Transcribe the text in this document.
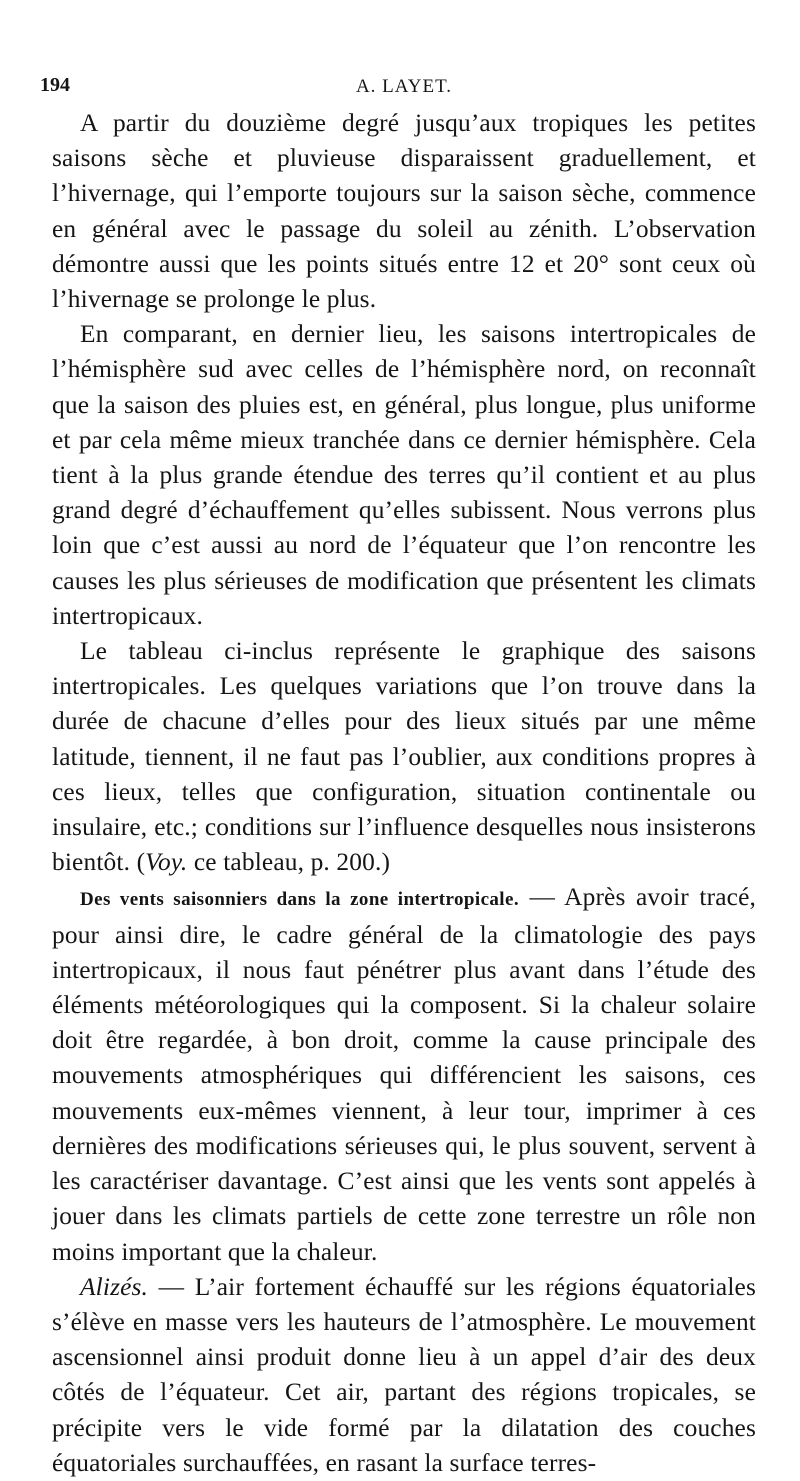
194	A. LAYET.

A partir du douzième degré jusqu’aux tropiques les petites saisons sèche et pluvieuse disparaissent graduellement, et l’hivernage, qui l’emporte toujours sur la saison sèche, commence en général avec le passage du soleil au zénith. L’observation démontre aussi que les points situés entre 12 et 20° sont ceux où l’hivernage se prolonge le plus.

En comparant, en dernier lieu, les saisons intertropicales de l’hémisphère sud avec celles de l’hémisphère nord, on reconnaît que la saison des pluies est, en général, plus longue, plus uniforme et par cela même mieux tranchée dans ce dernier hémisphère. Cela tient à la plus grande étendue des terres qu’il contient et au plus grand degré d’échauffement qu’elles subissent. Nous verrons plus loin que c’est aussi au nord de l’équateur que l’on rencontre les causes les plus sérieuses de modification que présentent les climats intertropicaux.

Le tableau ci-inclus représente le graphique des saisons intertropicales. Les quelques variations que l’on trouve dans la durée de chacune d’elles pour des lieux situés par une même latitude, tiennent, il ne faut pas l’oublier, aux conditions propres à ces lieux, telles que configuration, situation continentale ou insulaire, etc.; conditions sur l’influence desquelles nous insisterons bientôt. (Voy. ce tableau, p. 200.)

Des vents saisonniers dans la zone intertropicale. — Après avoir tracé, pour ainsi dire, le cadre général de la climatologie des pays intertropicaux, il nous faut pénétrer plus avant dans l’étude des éléments météorologiques qui la composent. Si la chaleur solaire doit être regardée, à bon droit, comme la cause principale des mouvements atmosphériques qui différencient les saisons, ces mouvements eux-mêmes viennent, à leur tour, imprimer à ces dernières des modifications sérieuses qui, le plus souvent, servent à les caractériser davantage. C’est ainsi que les vents sont appelés à jouer dans les climats partiels de cette zone terrestre un rôle non moins important que la chaleur.

Alizés. — L’air fortement échauffé sur les régions équatoriales s’élève en masse vers les hauteurs de l’atmosphère. Le mouvement ascensionnel ainsi produit donne lieu à un appel d’air des deux côtés de l’équateur. Cet air, partant des régions tropicales, se précipite vers le vide formé par la dilatation des couches équatoriales surchauffées, en rasant la surface terres-
